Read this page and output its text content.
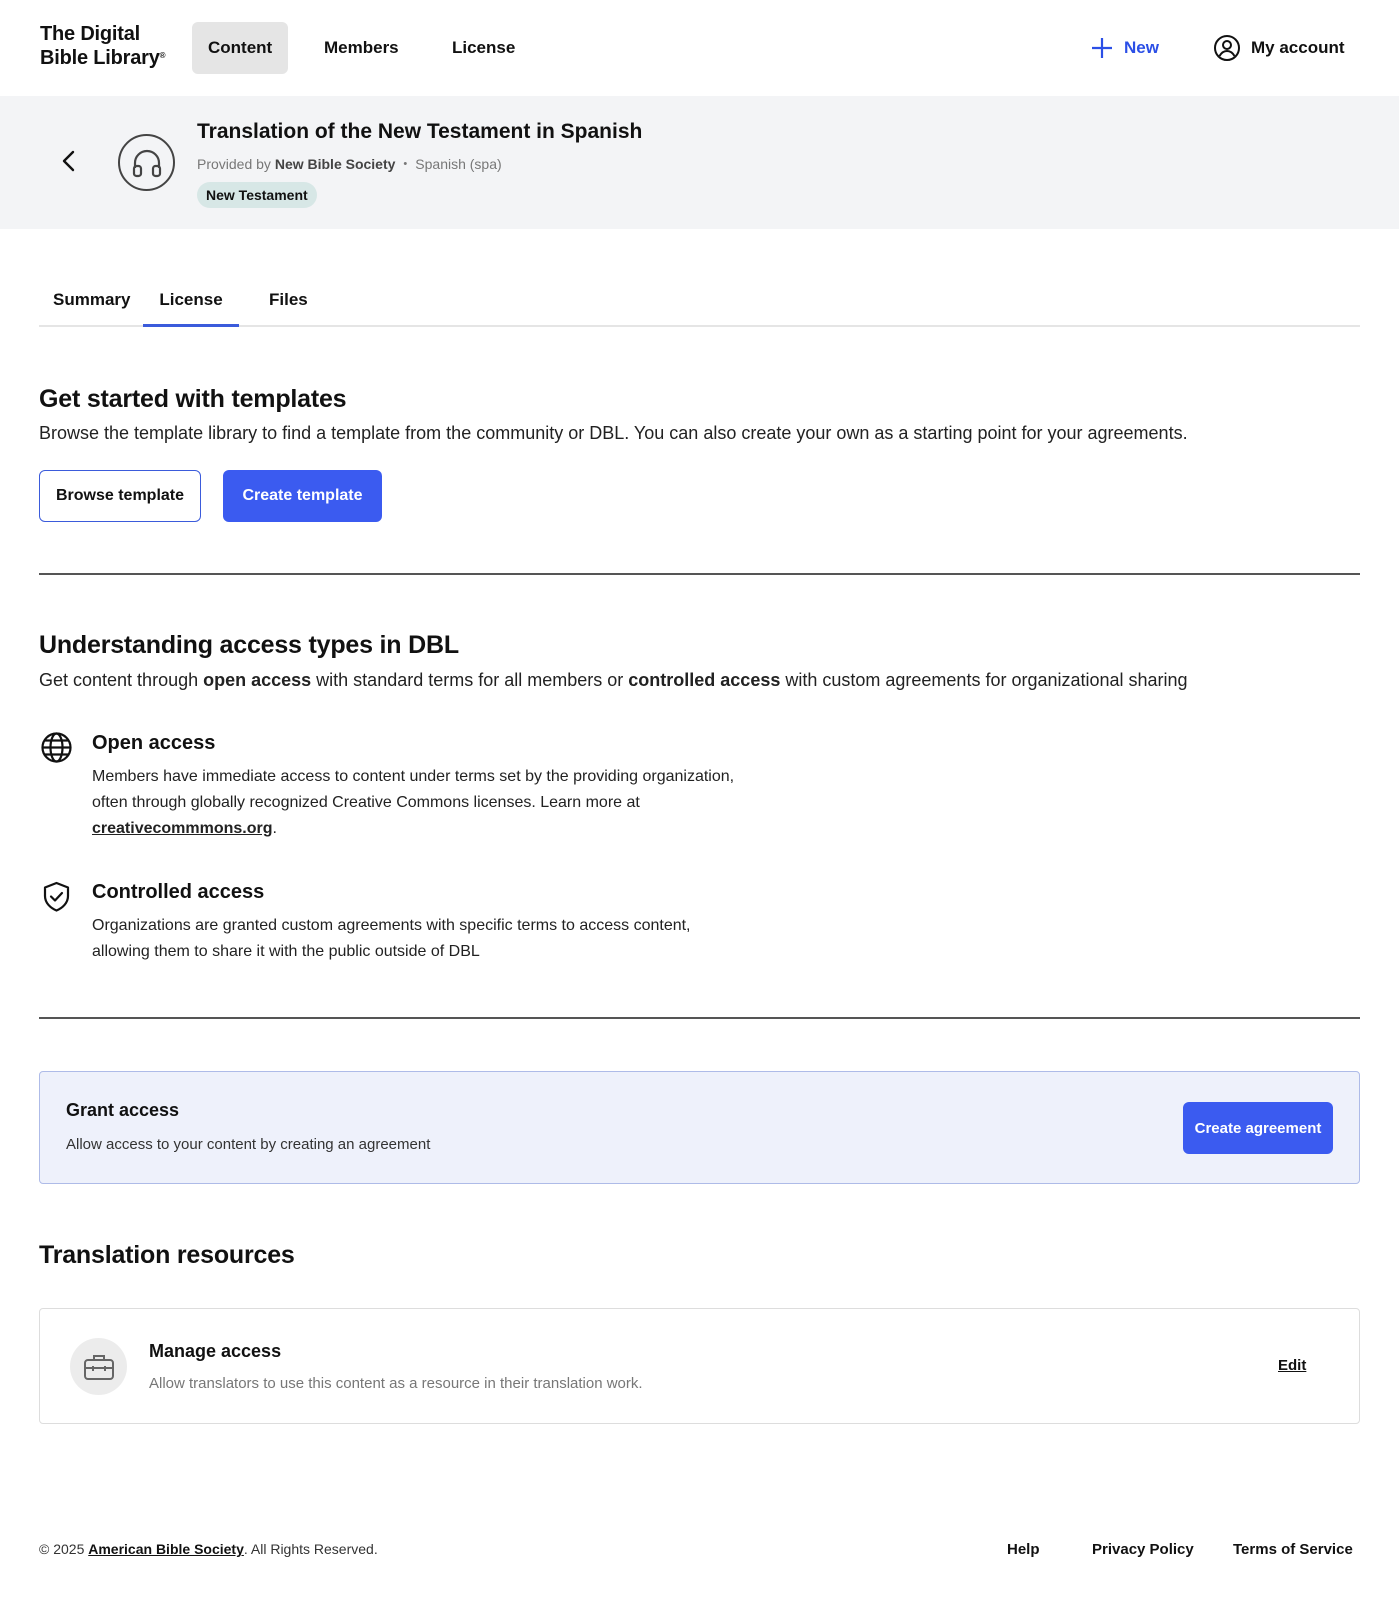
The Digital
Bible Library®	Content	Members	License	New	My account
Translation of the New Testament in Spanish
Provided by New Bible Society • Spanish (spa)
New Testament
Summary	License	Files
Get started with templates
Browse the template library to find a template from the community or DBL. You can also create your own as a starting point for your agreements.
Browse template	Create template
Understanding access types in DBL
Get content through open access with standard terms for all members or controlled access with custom agreements for organizational sharing
Open access
Members have immediate access to content under terms set by the providing organization, often through globally recognized Creative Commons licenses. Learn more at creativecommmons.org.
Controlled access
Organizations are granted custom agreements with specific terms to access content, allowing them to share it with the public outside of DBL
Grant access
Allow access to your content by creating an agreement
Create agreement
Translation resources
Manage access
Allow translators to use this content as a resource in their translation work.
Edit
© 2025 American Bible Society. All Rights Reserved.	Help	Privacy Policy	Terms of Service
